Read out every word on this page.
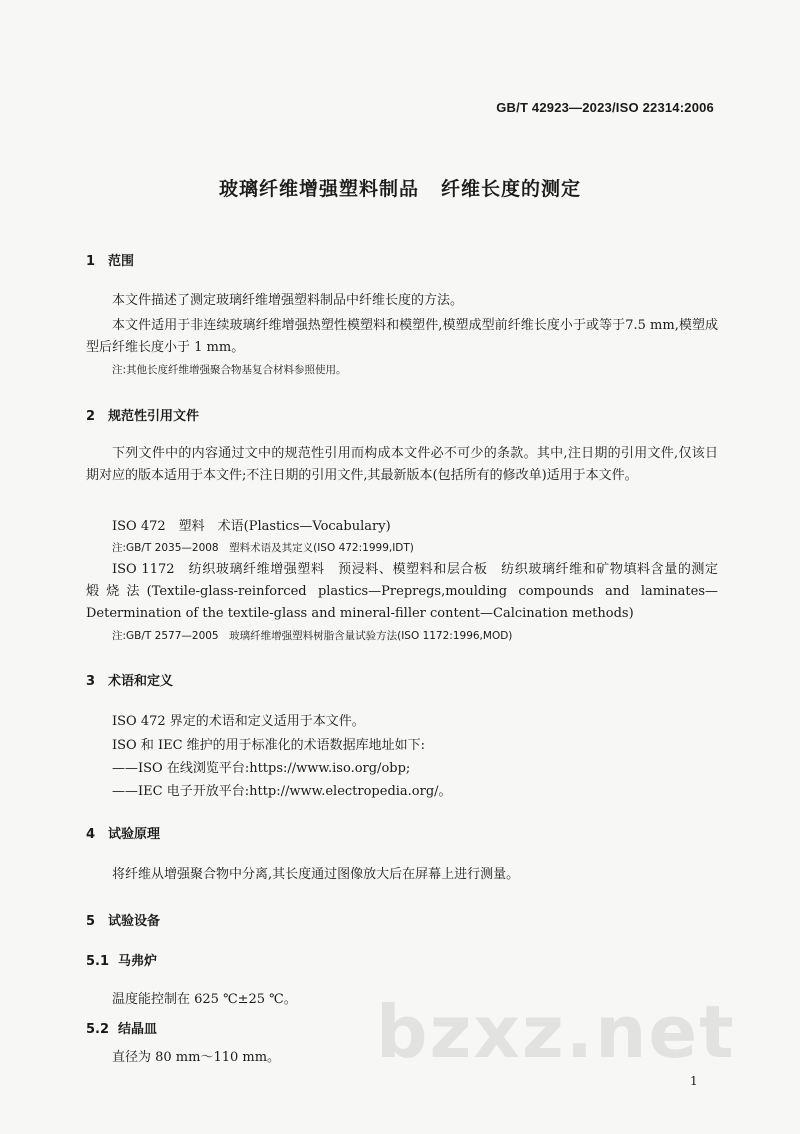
GB/T 42923—2023/ISO 22314:2006
玻璃纤维增强塑料制品 纤维长度的测定
1 范围
本文件描述了测定玻璃纤维增强塑料制品中纤维长度的方法。
本文件适用于非连续玻璃纤维增强热塑性模塑料和模塑件,模塑成型前纤维长度小于或等于7.5 mm,模塑成型后纤维长度小于 1 mm。
注:其他长度纤维增强聚合物基复合材料参照使用。
2 规范性引用文件
下列文件中的内容通过文中的规范性引用而构成本文件必不可少的条款。其中,注日期的引用文件,仅该日期对应的版本适用于本文件;不注日期的引用文件,其最新版本(包括所有的修改单)适用于本文件。
ISO 472　塑料　术语(Plastics—Vocabulary)
注:GB/T 2035—2008　塑料术语及其定义(ISO 472:1999,IDT)
ISO 1172　纺织玻璃纤维增强塑料　预浸料、模塑料和层合板　纺织玻璃纤维和矿物填料含量的测定　煅烧法(Textile-glass-reinforced plastics—Prepregs,moulding compounds and laminates—Determination of the textile-glass and mineral-filler content—Calcination methods)
注:GB/T 2577—2005　玻璃纤维增强塑料树脂含量试验方法(ISO 1172:1996,MOD)
3 术语和定义
ISO 472 界定的术语和定义适用于本文件。
ISO 和 IEC 维护的用于标准化的术语数据库地址如下:
——ISO 在线浏览平台:https://www.iso.org/obp;
——IEC 电子开放平台:http://www.electropedia.org/。
4 试验原理
将纤维从增强聚合物中分离,其长度通过图像放大后在屏幕上进行测量。
5 试验设备
5.1 马弗炉
温度能控制在 625 ℃±25 ℃。
5.2 结晶皿
直径为 80 mm～110 mm。 bzxz.net
1
